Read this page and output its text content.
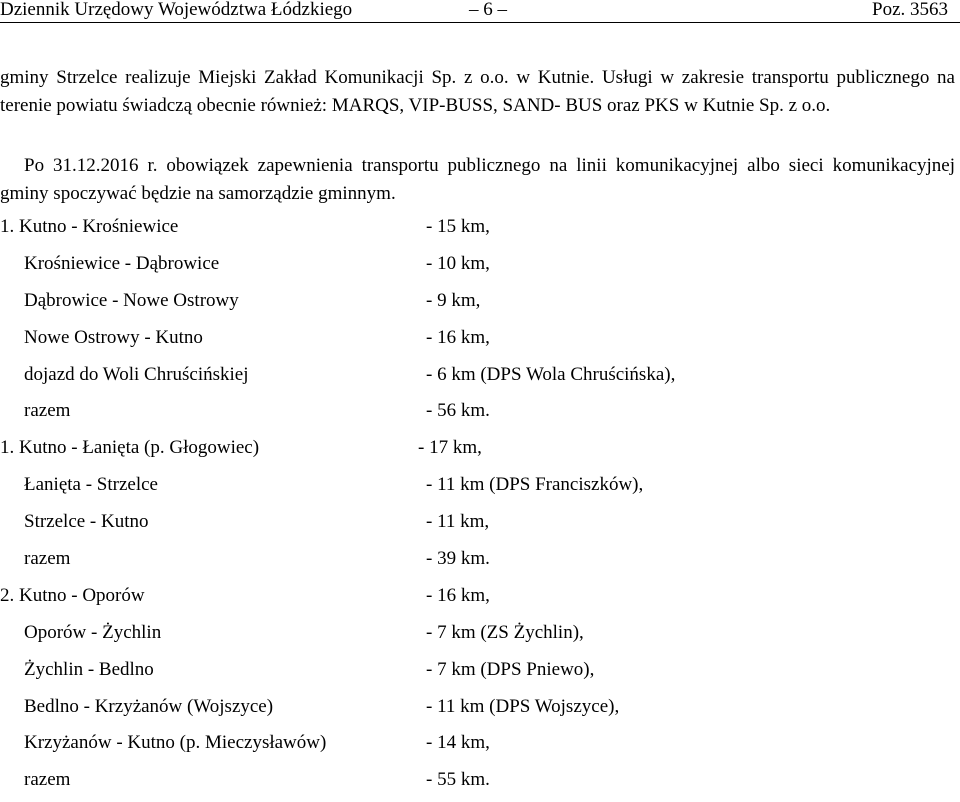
Dziennik Urzędowy Województwa Łódzkiego	– 6 –	Poz. 3563
gminy Strzelce realizuje Miejski Zakład Komunikacji Sp. z o.o. w Kutnie. Usługi w zakresie transportu publicznego na terenie powiatu świadczą obecnie również: MARQS, VIP-BUSS, SAND- BUS oraz PKS w Kutnie Sp. z o.o.
Po 31.12.2016 r. obowiązek zapewnienia transportu publicznego na linii komunikacyjnej albo sieci komunikacyjnej gminy spoczywać będzie na samorządzie gminnym.
1. Kutno - Krośniewice	- 15 km,
Krośniewice - Dąbrowice	- 10 km,
Dąbrowice - Nowe Ostrowy	- 9 km,
Nowe Ostrowy - Kutno	- 16 km,
dojazd do Woli Chruścińskiej	- 6 km (DPS Wola Chruścińska),
razem	- 56 km.
1. Kutno - Łanięta (p. Głogowiec)	- 17 km,
Łanięta - Strzelce	- 11 km (DPS Franciszków),
Strzelce - Kutno	- 11 km,
razem	- 39 km.
2. Kutno - Oporów	- 16 km,
Oporów - Żychlin	- 7 km (ZS Żychlin),
Żychlin - Bedlno	- 7 km (DPS Pniewo),
Bedlno - Krzyżanów (Wojszyce)	- 11 km (DPS Wojszyce),
Krzyżanów - Kutno (p. Mieczysławów)	- 14 km,
razem	- 55 km.
